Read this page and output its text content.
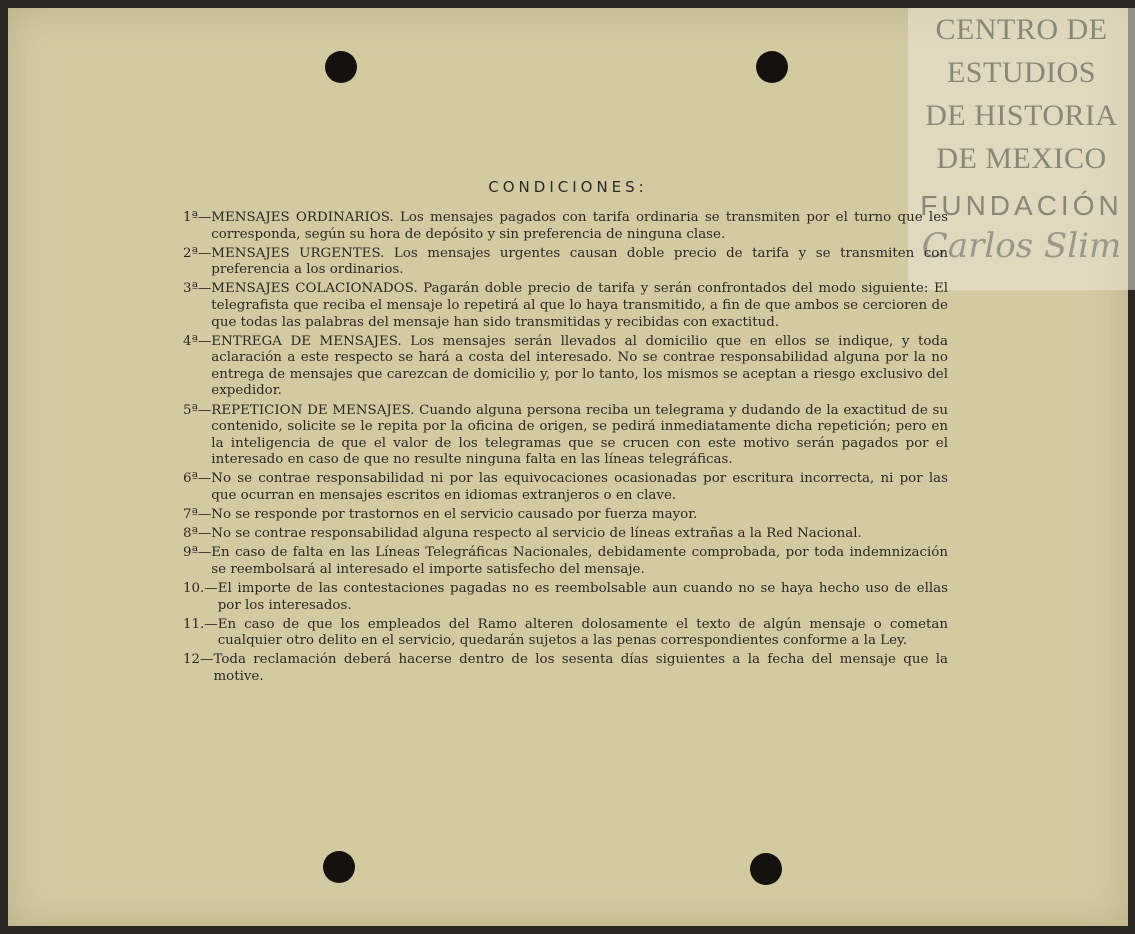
CENTRO DE
ESTUDIOS
DE HISTORIA
DE MEXICO
FUNDACIÓN
Carlos Slim
CONDICIONES:
1ª— MENSAJES ORDINARIOS. Los mensajes pagados con tarifa ordinaria se transmiten por el turno que les corresponda, según su hora de depósito y sin preferencia de ninguna clase.
2ª— MENSAJES URGENTES. Los mensajes urgentes causan doble precio de tarifa y se transmiten con preferencia a los ordinarios.
3ª— MENSAJES COLACIONADOS. Pagarán doble precio de tarifa y serán confrontados del modo siguiente: El telegrafista que reciba el mensaje lo repetirá al que lo haya transmitido, a fin de que ambos se cercioren de que todas las palabras del mensaje han sido transmitidas y recibidas con exactitud.
4ª— ENTREGA DE MENSAJES. Los mensajes serán llevados al domicilio que en ellos se indique, y toda aclaración a este respecto se hará a costa del interesado. No se contrae responsabilidad alguna por la no entrega de mensajes que carezcan de domicilio y, por lo tanto, los mismos se aceptan a riesgo exclusivo del expedidor.
5ª— REPETICION DE MENSAJES. Cuando alguna persona reciba un telegrama y dudando de la exactitud de su contenido, solicite se le repita por la oficina de origen, se pedirá inmediatamente dicha repetición; pero en la inteligencia de que el valor de los telegramas que se crucen con este motivo serán pagados por el interesado en caso de que no resulte ninguna falta en las líneas telegráficas.
6ª— No se contrae responsabilidad ni por las equivocaciones ocasionadas por escritura incorrecta, ni por las que ocurran en mensajes escritos en idiomas extranjeros o en clave.
7ª— No se responde por trastornos en el servicio causado por fuerza mayor.
8ª— No se contrae responsabilidad alguna respecto al servicio de líneas extrañas a la Red Nacional.
9ª— En caso de falta en las Líneas Telegráficas Nacionales, debidamente comprobada, por toda indemnización se reembolsará al interesado el importe satisfecho del mensaje.
10.— El importe de las contestaciones pagadas no es reembolsable aun cuando no se haya hecho uso de ellas por los interesados.
11.— En caso de que los empleados del Ramo alteren dolosamente el texto de algún mensaje o cometan cualquier otro delito en el servicio, quedarán sujetos a las penas correspondientes conforme a la Ley.
12— Toda reclamación deberá hacerse dentro de los sesenta días siguientes a la fecha del mensaje que la motive.
